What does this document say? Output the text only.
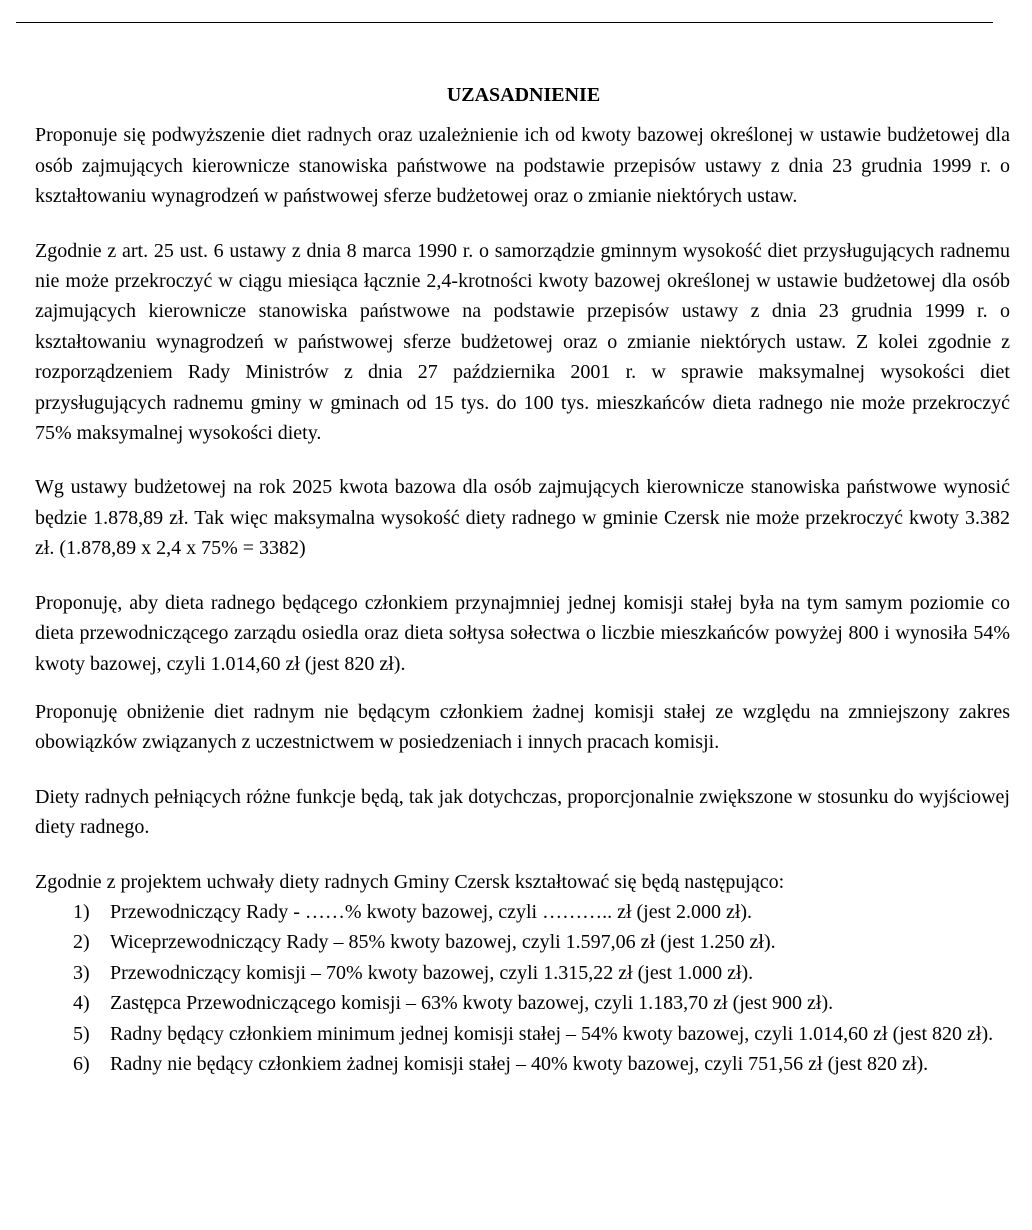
UZASADNIENIE

Proponuje się podwyższenie diet radnych oraz uzależnienie ich od kwoty bazowej określonej w ustawie budżetowej dla osób zajmujących kierownicze stanowiska państwowe na podstawie przepisów ustawy z dnia 23 grudnia 1999 r. o kształtowaniu wynagrodzeń w państwowej sferze budżetowej oraz o zmianie niektórych ustaw.

Zgodnie z art. 25 ust. 6 ustawy z dnia 8 marca 1990 r. o samorządzie gminnym wysokość diet przysługujących radnemu nie może przekroczyć w ciągu miesiąca łącznie 2,4-krotności kwoty bazowej określonej w ustawie budżetowej dla osób zajmujących kierownicze stanowiska państwowe na podstawie przepisów ustawy z dnia 23 grudnia 1999 r. o kształtowaniu wynagrodzeń w państwowej sferze budżetowej oraz o zmianie niektórych ustaw. Z kolei zgodnie z rozporządzeniem Rady Ministrów z dnia 27 października 2001 r. w sprawie maksymalnej wysokości diet przysługujących radnemu gminy w gminach od 15 tys. do 100 tys. mieszkańców dieta radnego nie może przekroczyć 75% maksymalnej wysokości diety.

Wg ustawy budżetowej na rok 2025 kwota bazowa dla osób zajmujących kierownicze stanowiska państwowe wynosić będzie 1.878,89 zł. Tak więc maksymalna wysokość diety radnego w gminie Czersk nie może przekroczyć kwoty 3.382 zł. (1.878,89 x 2,4 x 75% = 3382)

Proponuję, aby dieta radnego będącego członkiem przynajmniej jednej komisji stałej była na tym samym poziomie co dieta przewodniczącego zarządu osiedla oraz dieta sołtysa sołectwa o liczbie mieszkańców powyżej 800 i wynosiła 54% kwoty bazowej, czyli 1.014,60 zł (jest 820 zł).

Proponuję obniżenie diet radnym nie będącym członkiem żadnej komisji stałej ze względu na zmniejszony zakres obowiązków związanych z uczestnictwem w posiedzeniach i innych pracach komisji.

Diety radnych pełniących różne funkcje będą, tak jak dotychczas, proporcjonalnie zwiększone w stosunku do wyjściowej diety radnego.

Zgodnie z projektem uchwały diety radnych Gminy Czersk kształtować się będą następująco:

1) Przewodniczący Rady - ……% kwoty bazowej, czyli ……….. zł (jest 2.000 zł).
2) Wiceprzewodniczący Rady – 85% kwoty bazowej, czyli 1.597,06 zł (jest 1.250 zł).
3) Przewodniczący komisji – 70% kwoty bazowej, czyli 1.315,22 zł (jest 1.000 zł).
4) Zastępca Przewodniczącego komisji – 63% kwoty bazowej, czyli 1.183,70 zł (jest 900 zł).
5) Radny będący członkiem minimum jednej komisji stałej – 54% kwoty bazowej, czyli 1.014,60 zł (jest 820 zł).
6) Radny nie będący członkiem żadnej komisji stałej – 40% kwoty bazowej, czyli 751,56 zł (jest 820 zł).
